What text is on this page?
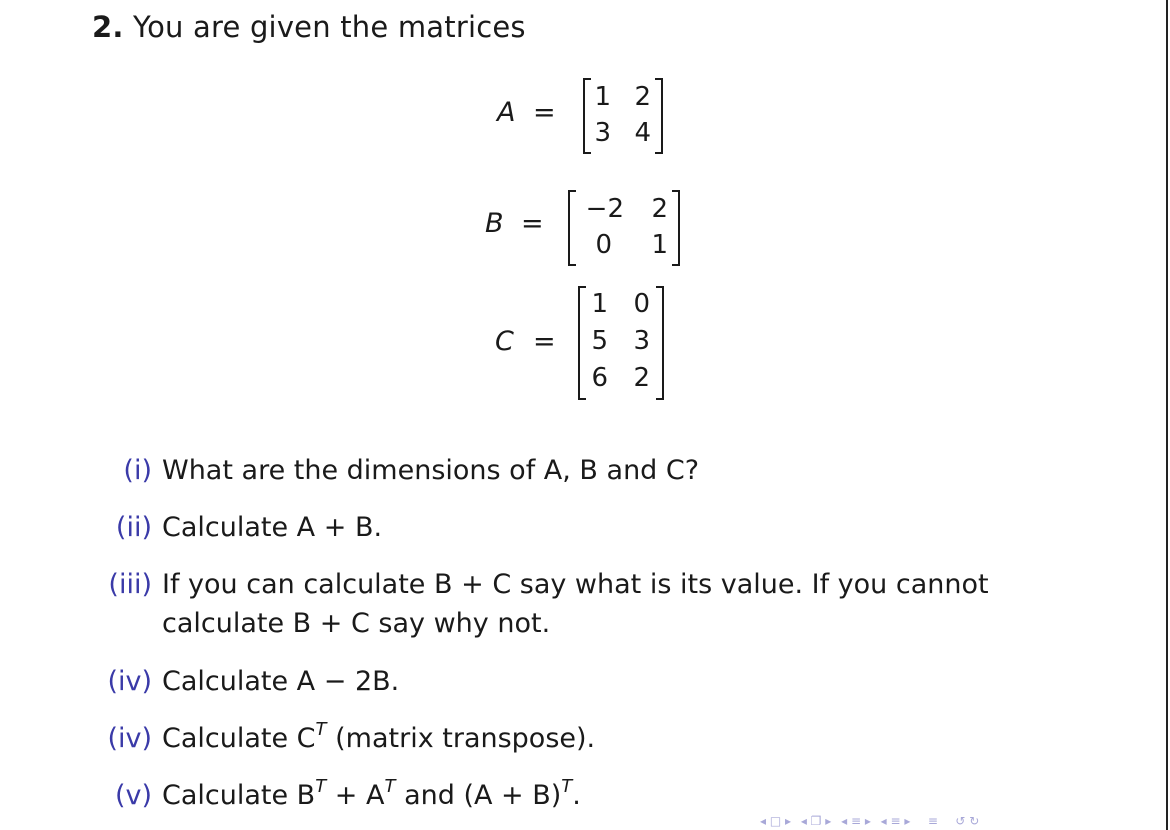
2. You are given the matrices
A = 1 2
3 4
B =	−2 2
0 1
C =
1 0
5 3
6 2
(i) What are the dimensions of A, B and C?
(ii) Calculate A + B.
(iii) If you can calculate B + C say what is its value. If you cannot
calculate B + C say why not.
(iv) Calculate A − 2B.
(iv) Calculate $C^T$ (matrix transpose).
(v) Calculate $B^T + A^T$ and $(A + B)^T$.
◂ □ ▸ ◂ ❐ ▸ ◂ ≡ ▸ ◂ ≡ ▸   ≡   ↺ ↻
